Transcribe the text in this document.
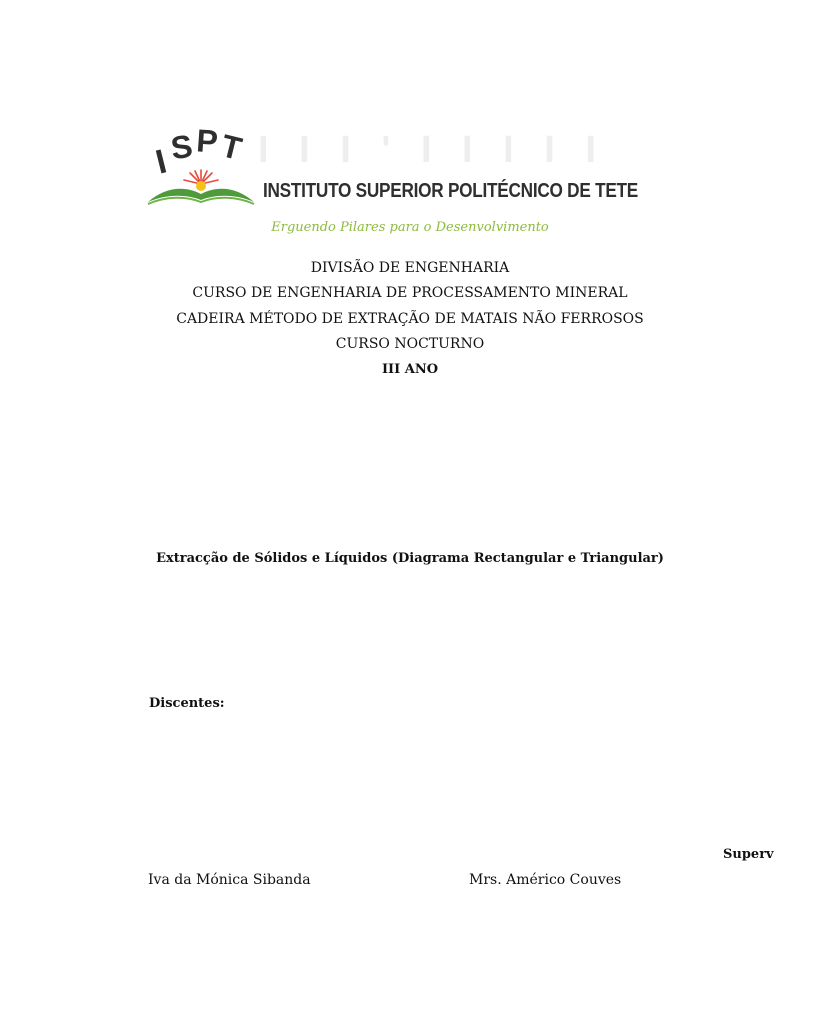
I
S P
T I I I ' I I I I I
INSTITUTO SUPERIOR POLITÉCNICO DE TETE
Erguendo Pilares para o Desenvolvimento
DIVISÃO DE ENGENHARIA
CURSO DE ENGENHARIA DE PROCESSAMENTO MINERAL
CADEIRA MÉTODO DE EXTRAÇÃO DE MATAIS NÃO FERROSOS
CURSO NOCTURNO
III ANO
Extracção de Sólidos e Líquidos (Diagrama Rectangular e Triangular)
Discentes:
Superv
Iva da Mónica Sibanda	Mrs. Américo Couves
